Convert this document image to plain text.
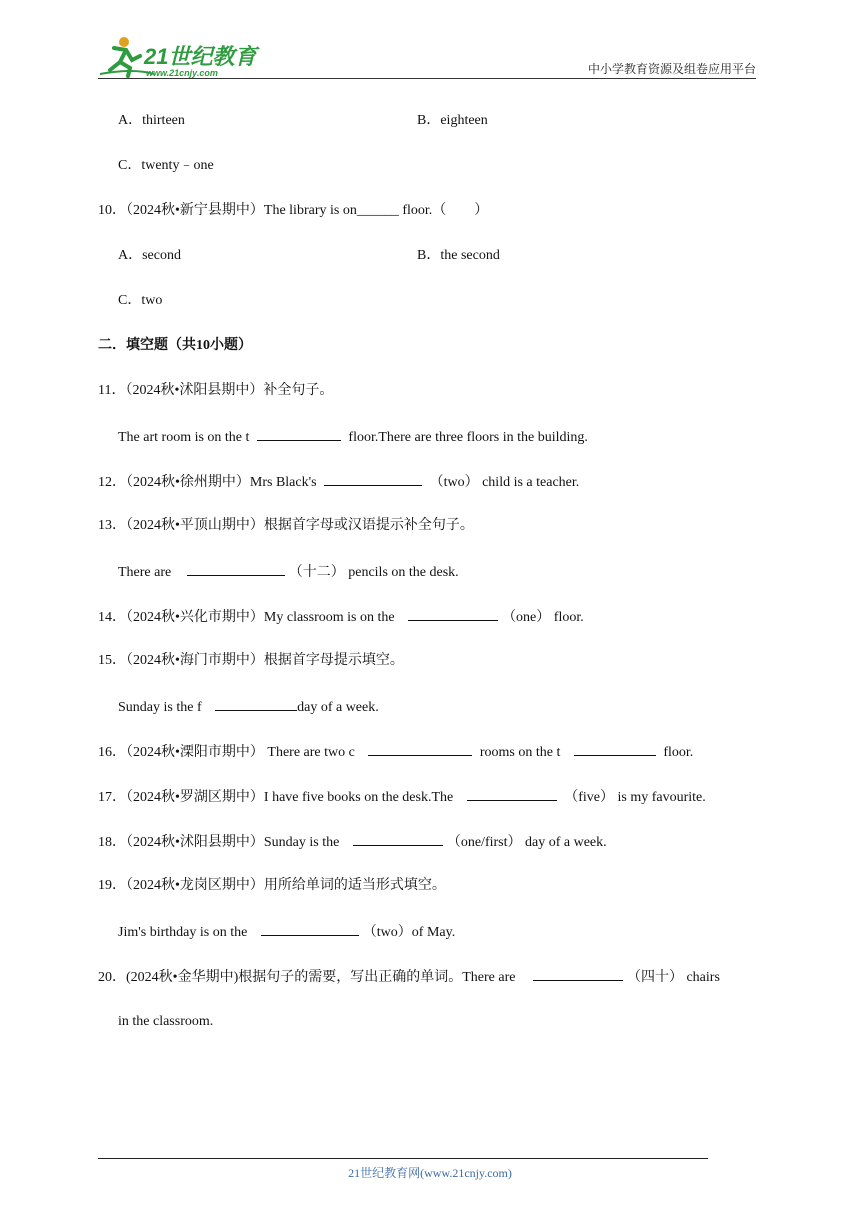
21世纪教育
www.21cnjy.com	中小学教育资源及组卷应用平台
A．thirteen	B．eighteen
C．twenty﹣one
10．（2024秋•新宁县期中）The library is on______ floor.（　　）
A．second	B．the second
C．two
二．填空题（共10小题）
11．（2024秋•沭阳县期中）补全句子。
The art room is on the t	floor.There are three floors in the building.
12．（2024秋•徐州期中）Mrs Black's	（two） child is a teacher.
13．（2024秋•平顶山期中）根据首字母或汉语提示补全句子。
There are	（十二） pencils on the desk.
14．（2024秋•兴化市期中）My classroom is on the	（one） floor.
15．（2024秋•海门市期中）根据首字母提示填空。
Sunday is the f	day of a week.
16．（2024秋•溧阳市期中） There are two c	rooms on the t	floor.
17．（2024秋•罗湖区期中）I have five books on the desk.The	（five） is my favourite.
18．（2024秋•沭阳县期中）Sunday is the	（one/first） day of a week.
19．（2024秋•龙岗区期中）用所给单词的适当形式填空。
Jim's birthday is on the	（two）of May.
20．(2024秋•金华期中)根据句子的需要，写出正确的单词。There are	（四十） chairs
in the classroom.
21世纪教育网(www.21cnjy.com)
